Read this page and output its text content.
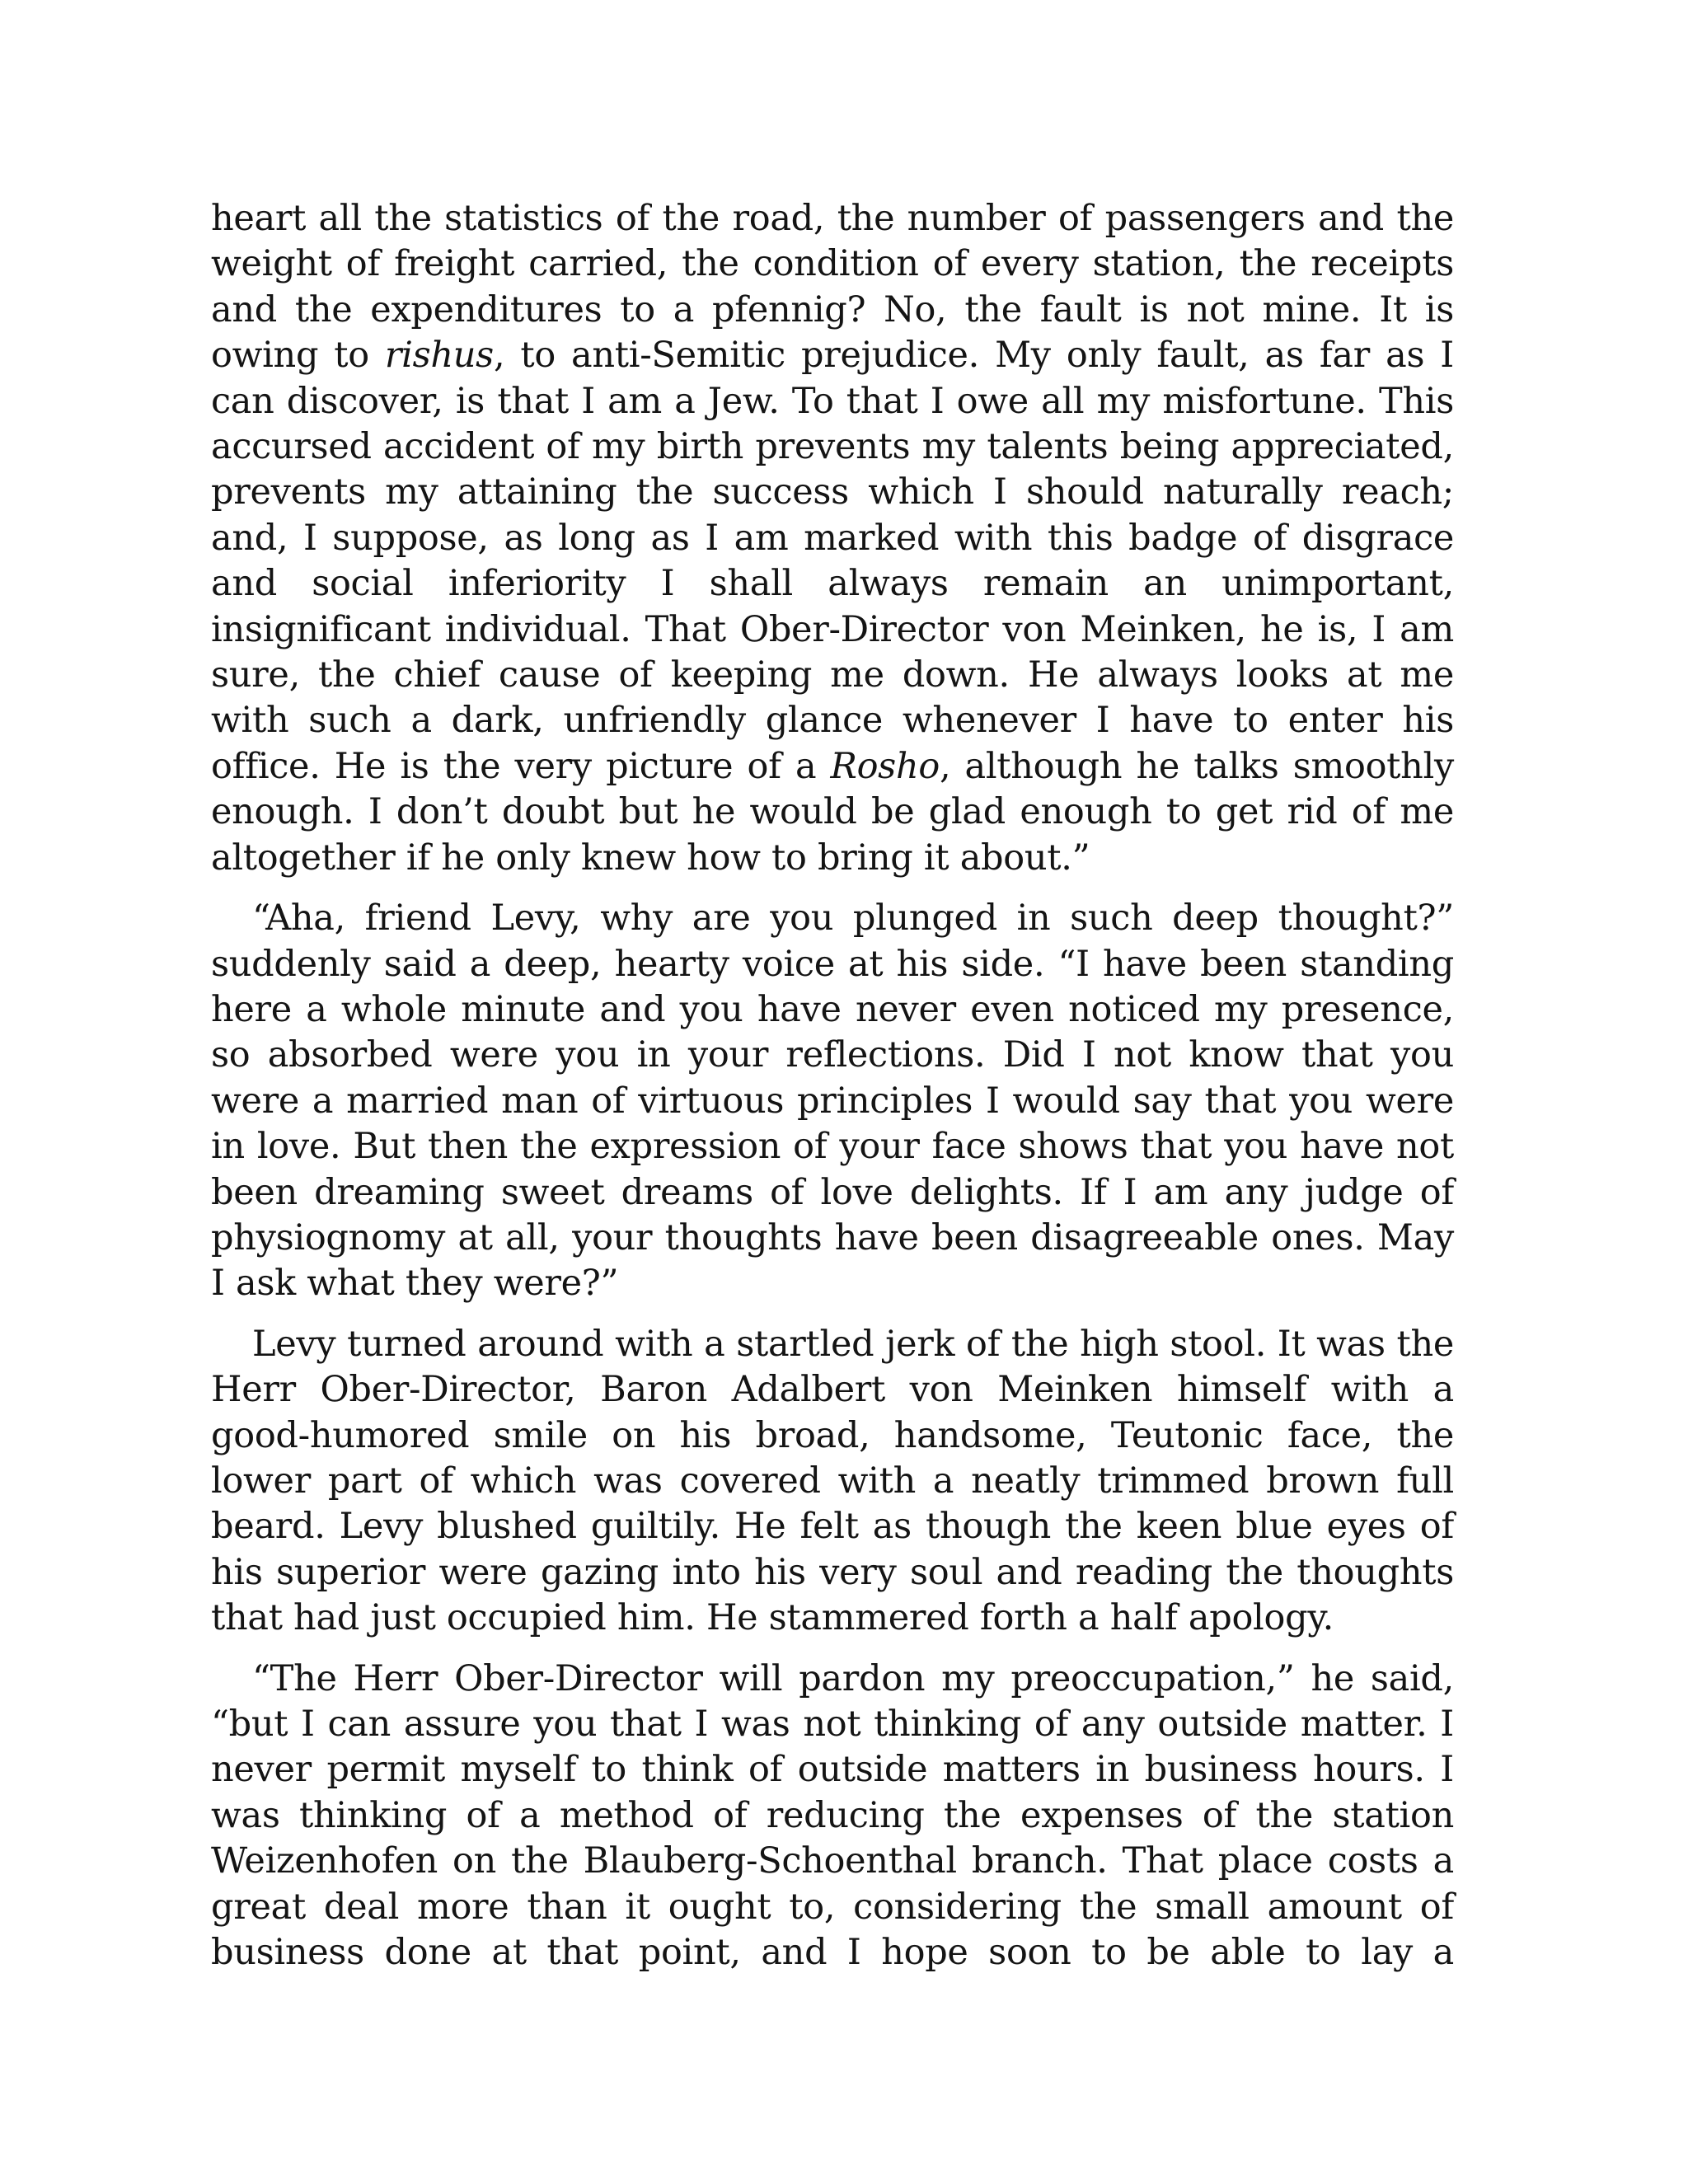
heart all the statistics of the road, the number of passengers and the weight of freight carried, the condition of every station, the receipts and the expenditures to a pfennig? No, the fault is not mine. It is owing to rishus, to anti-Semitic prejudice. My only fault, as far as I can discover, is that I am a Jew. To that I owe all my misfortune. This accursed accident of my birth prevents my talents being appreciated, prevents my attaining the success which I should naturally reach; and, I suppose, as long as I am marked with this badge of disgrace and social inferiority I shall always remain an unimportant, insignificant individual. That Ober-Director von Meinken, he is, I am sure, the chief cause of keeping me down. He always looks at me with such a dark, unfriendly glance whenever I have to enter his office. He is the very picture of a Rosho, although he talks smoothly enough. I don’t doubt but he would be glad enough to get rid of me altogether if he only knew how to bring it about.”

“Aha, friend Levy, why are you plunged in such deep thought?” suddenly said a deep, hearty voice at his side. “I have been standing here a whole minute and you have never even noticed my presence, so absorbed were you in your reflections. Did I not know that you were a married man of virtuous principles I would say that you were in love. But then the expression of your face shows that you have not been dreaming sweet dreams of love delights. If I am any judge of physiognomy at all, your thoughts have been disagreeable ones. May I ask what they were?”

Levy turned around with a startled jerk of the high stool. It was the Herr Ober-Director, Baron Adalbert von Meinken himself with a good-humored smile on his broad, handsome, Teutonic face, the lower part of which was covered with a neatly trimmed brown full beard. Levy blushed guiltily. He felt as though the keen blue eyes of his superior were gazing into his very soul and reading the thoughts that had just occupied him. He stammered forth a half apology.

“The Herr Ober-Director will pardon my preoccupation,” he said, “but I can assure you that I was not thinking of any outside matter. I never permit myself to think of outside matters in business hours. I was thinking of a method of reducing the expenses of the station Weizenhofen on the Blauberg-Schoenthal branch. That place costs a great deal more than it ought to, considering the small amount of business done at that point, and I hope soon to be able to lay a
